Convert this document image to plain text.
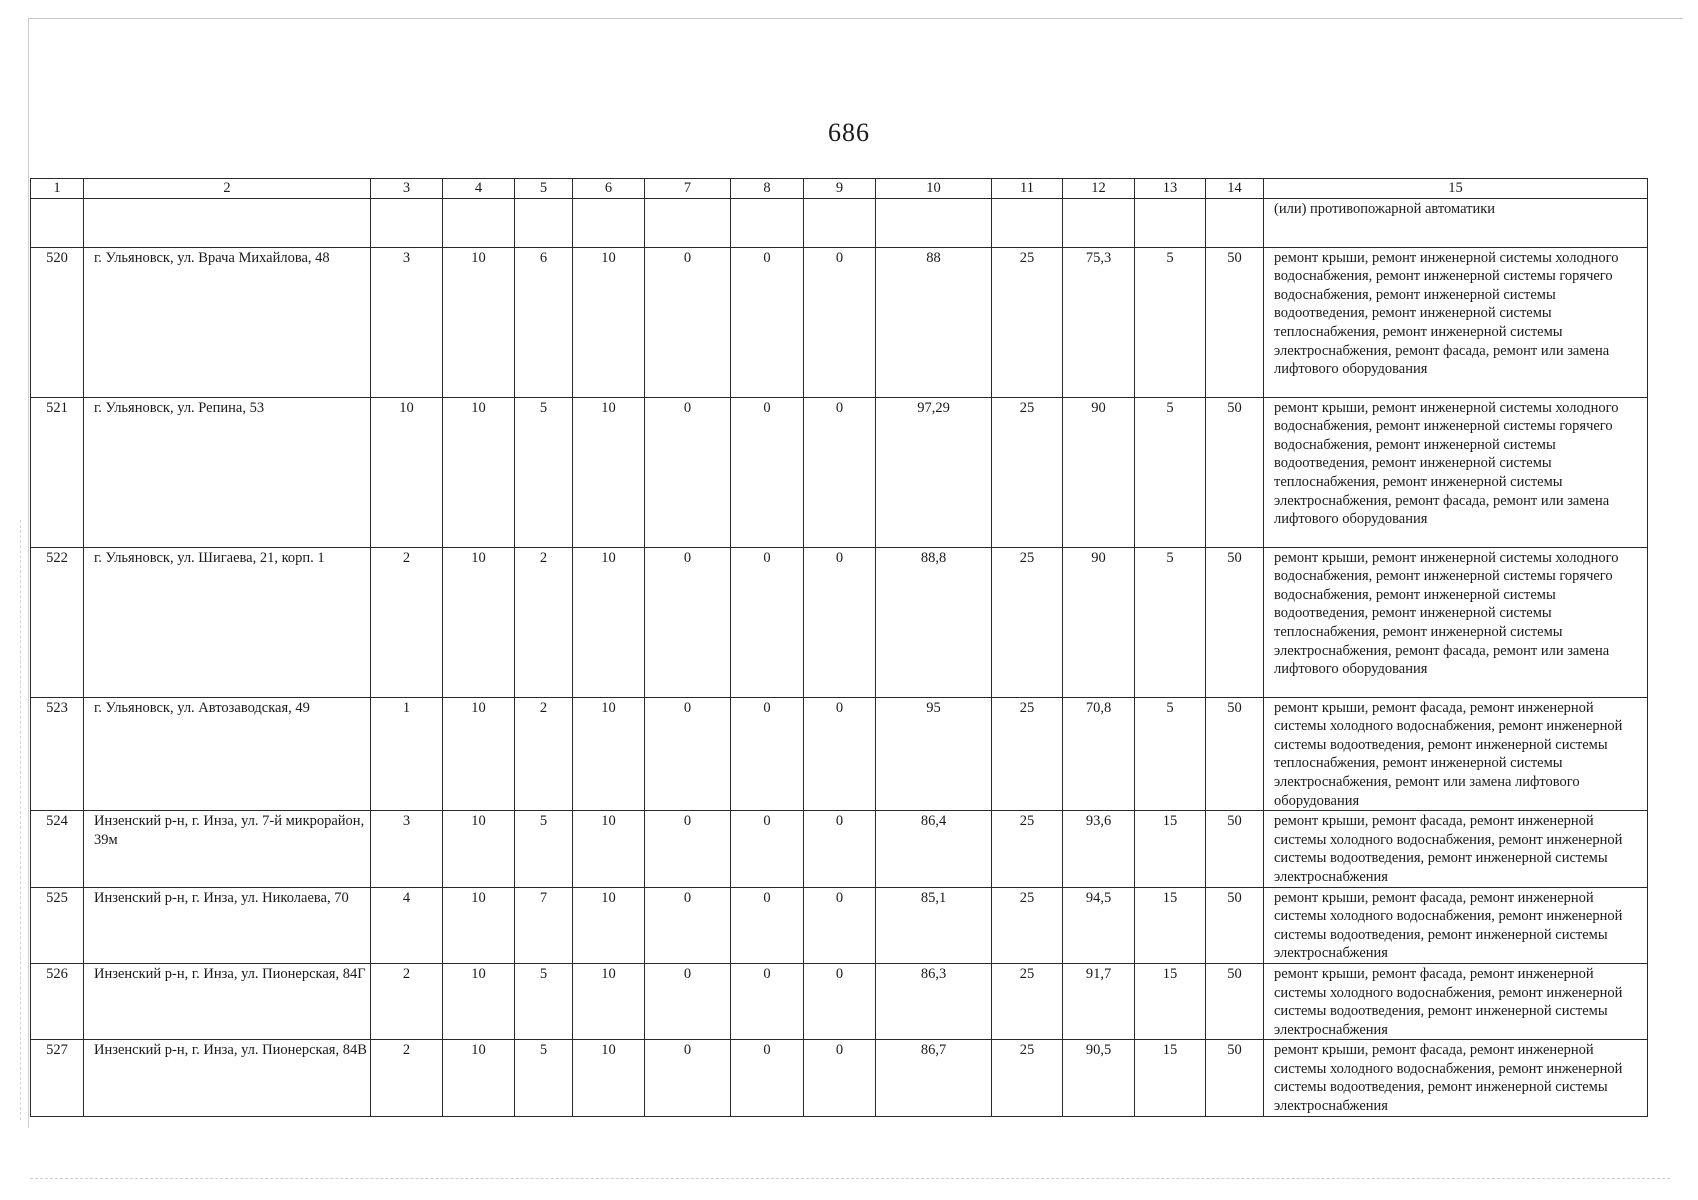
686
1	2	3	4	5	6	7	8	9	10	11	12	13	14	15
														(или) противопожарной автоматики
520	г. Ульяновск, ул. Врача Михайлова, 48	3	10	6	10	0	0	0	88	25	75,3	5	50	ремонт крыши, ремонт инженерной системы холодного водоснабжения, ремонт инженерной системы горячего водоснабжения, ремонт инженерной системы водоотведения, ремонт инженерной системы теплоснабжения, ремонт инженерной системы электроснабжения, ремонт фасада, ремонт или замена лифтового оборудования
521	г. Ульяновск, ул. Репина, 53	10	10	5	10	0	0	0	97,29	25	90	5	50	ремонт крыши, ремонт инженерной системы холодного водоснабжения, ремонт инженерной системы горячего водоснабжения, ремонт инженерной системы водоотведения, ремонт инженерной системы теплоснабжения, ремонт инженерной системы электроснабжения, ремонт фасада, ремонт или замена лифтового оборудования
522	г. Ульяновск, ул. Шигаева, 21, корп. 1	2	10	2	10	0	0	0	88,8	25	90	5	50	ремонт крыши, ремонт инженерной системы холодного водоснабжения, ремонт инженерной системы горячего водоснабжения, ремонт инженерной системы водоотведения, ремонт инженерной системы теплоснабжения, ремонт инженерной системы электроснабжения, ремонт фасада, ремонт или замена лифтового оборудования
523	г. Ульяновск, ул. Автозаводская, 49	1	10	2	10	0	0	0	95	25	70,8	5	50	ремонт крыши, ремонт фасада, ремонт инженерной системы холодного водоснабжения, ремонт инженерной системы водоотведения, ремонт инженерной системы теплоснабжения, ремонт инженерной системы электроснабжения, ремонт или замена лифтового оборудования
524	Инзенский р-н, г. Инза, ул. 7-й микрорайон, 39м	3	10	5	10	0	0	0	86,4	25	93,6	15	50	ремонт крыши, ремонт фасада, ремонт инженерной системы холодного водоснабжения, ремонт инженерной системы водоотведения, ремонт инженерной системы электроснабжения
525	Инзенский р-н, г. Инза, ул. Николаева, 70	4	10	7	10	0	0	0	85,1	25	94,5	15	50	ремонт крыши, ремонт фасада, ремонт инженерной системы холодного водоснабжения, ремонт инженерной системы водоотведения, ремонт инженерной системы электроснабжения
526	Инзенский р-н, г. Инза, ул. Пионерская, 84Г	2	10	5	10	0	0	0	86,3	25	91,7	15	50	ремонт крыши, ремонт фасада, ремонт инженерной системы холодного водоснабжения, ремонт инженерной системы водоотведения, ремонт инженерной системы электроснабжения
527	Инзенский р-н, г. Инза, ул. Пионерская, 84В	2	10	5	10	0	0	0	86,7	25	90,5	15	50	ремонт крыши, ремонт фасада, ремонт инженерной системы холодного водоснабжения, ремонт инженерной системы водоотведения, ремонт инженерной системы электроснабжения
